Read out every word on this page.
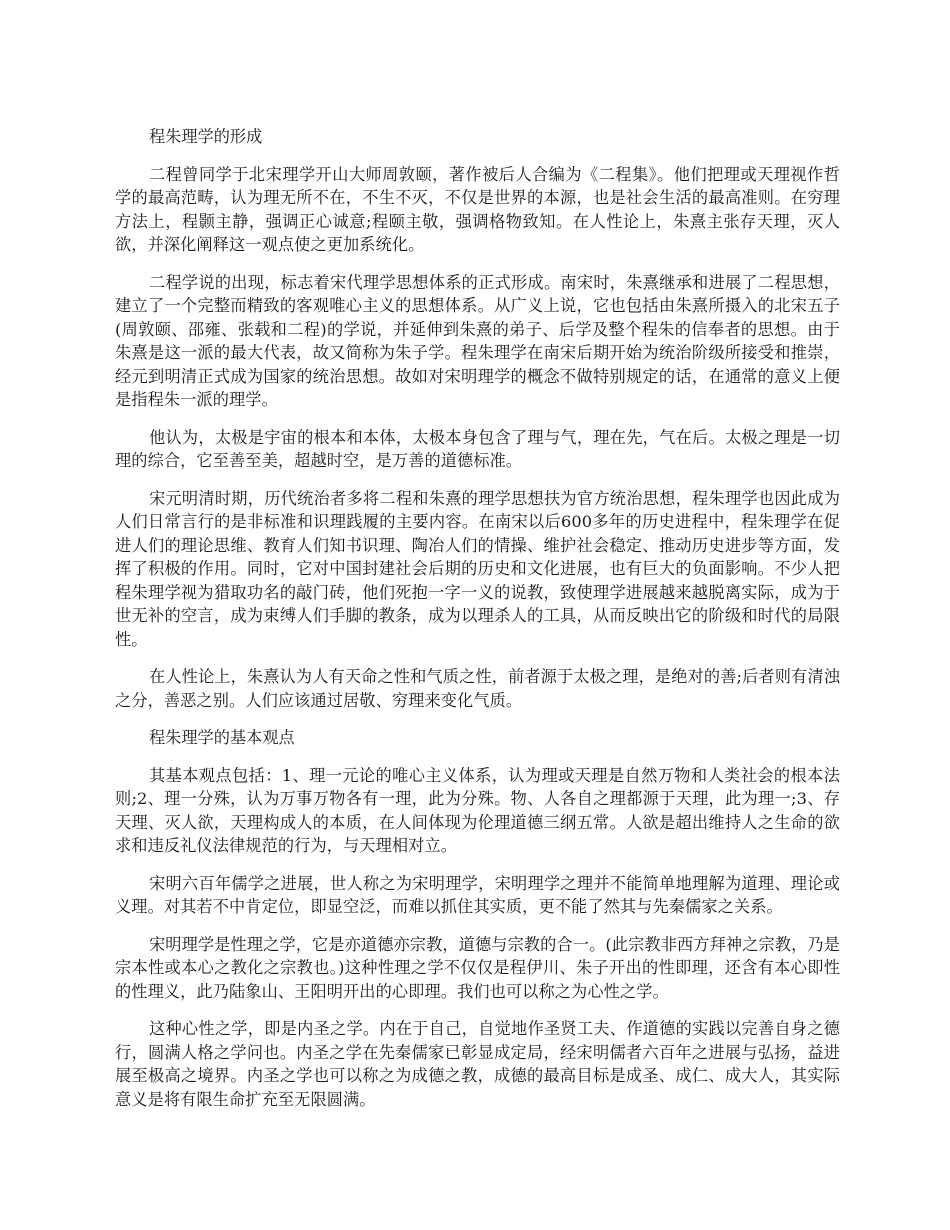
程朱理学的形成

二程曾同学于北宋理学开山大师周敦颐，著作被后人合编为《二程集》。他们把理或天理视作哲学的最高范畴，认为理无所不在，不生不灭，不仅是世界的本源，也是社会生活的最高准则。在穷理方法上，程颢主静，强调正心诚意;程颐主敬，强调格物致知。在人性论上，朱熹主张存天理，灭人欲，并深化阐释这一观点使之更加系统化。

二程学说的出现，标志着宋代理学思想体系的正式形成。南宋时，朱熹继承和进展了二程思想，建立了一个完整而精致的客观唯心主义的思想体系。从广义上说，它也包括由朱熹所摄入的北宋五子(周敦颐、邵雍、张载和二程)的学说，并延伸到朱熹的弟子、后学及整个程朱的信奉者的思想。由于朱熹是这一派的最大代表，故又简称为朱子学。程朱理学在南宋后期开始为统治阶级所接受和推崇，经元到明清正式成为国家的统治思想。故如对宋明理学的概念不做特别规定的话，在通常的意义上便是指程朱一派的理学。

他认为，太极是宇宙的根本和本体，太极本身包含了理与气，理在先，气在后。太极之理是一切理的综合，它至善至美，超越时空，是万善的道德标准。

宋元明清时期，历代统治者多将二程和朱熹的理学思想扶为官方统治思想，程朱理学也因此成为人们日常言行的是非标准和识理践履的主要内容。在南宋以后600多年的历史进程中，程朱理学在促进人们的理论思维、教育人们知书识理、陶冶人们的情操、维护社会稳定、推动历史进步等方面，发挥了积极的作用。同时，它对中国封建社会后期的历史和文化进展，也有巨大的负面影响。不少人把程朱理学视为猎取功名的敲门砖，他们死抱一字一义的说教，致使理学进展越来越脱离实际，成为于世无补的空言，成为束缚人们手脚的教条，成为以理杀人的工具，从而反映出它的阶级和时代的局限性。

在人性论上，朱熹认为人有天命之性和气质之性，前者源于太极之理，是绝对的善;后者则有清浊之分，善恶之别。人们应该通过居敬、穷理来变化气质。

程朱理学的基本观点

其基本观点包括：1、理一元论的唯心主义体系，认为理或天理是自然万物和人类社会的根本法则;2、理一分殊，认为万事万物各有一理，此为分殊。物、人各自之理都源于天理，此为理一;3、存天理、灭人欲，天理构成人的本质，在人间体现为伦理道德三纲五常。人欲是超出维持人之生命的欲求和违反礼仪法律规范的行为，与天理相对立。

宋明六百年儒学之进展，世人称之为宋明理学，宋明理学之理并不能简单地理解为道理、理论或义理。对其若不中肯定位，即显空泛，而难以抓住其实质，更不能了然其与先秦儒家之关系。

宋明理学是性理之学，它是亦道德亦宗教，道德与宗教的合一。(此宗教非西方拜神之宗教，乃是宗本性或本心之教化之宗教也。)这种性理之学不仅仅是程伊川、朱子开出的性即理，还含有本心即性的性理义，此乃陆象山、王阳明开出的心即理。我们也可以称之为心性之学。

这种心性之学，即是内圣之学。内在于自己，自觉地作圣贤工夫、作道德的实践以完善自身之德行，圆满人格之学问也。内圣之学在先秦儒家已彰显成定局，经宋明儒者六百年之进展与弘扬，益进展至极高之境界。内圣之学也可以称之为成德之教，成德的最高目标是成圣、成仁、成大人，其实际意义是将有限生命扩充至无限圆满。
